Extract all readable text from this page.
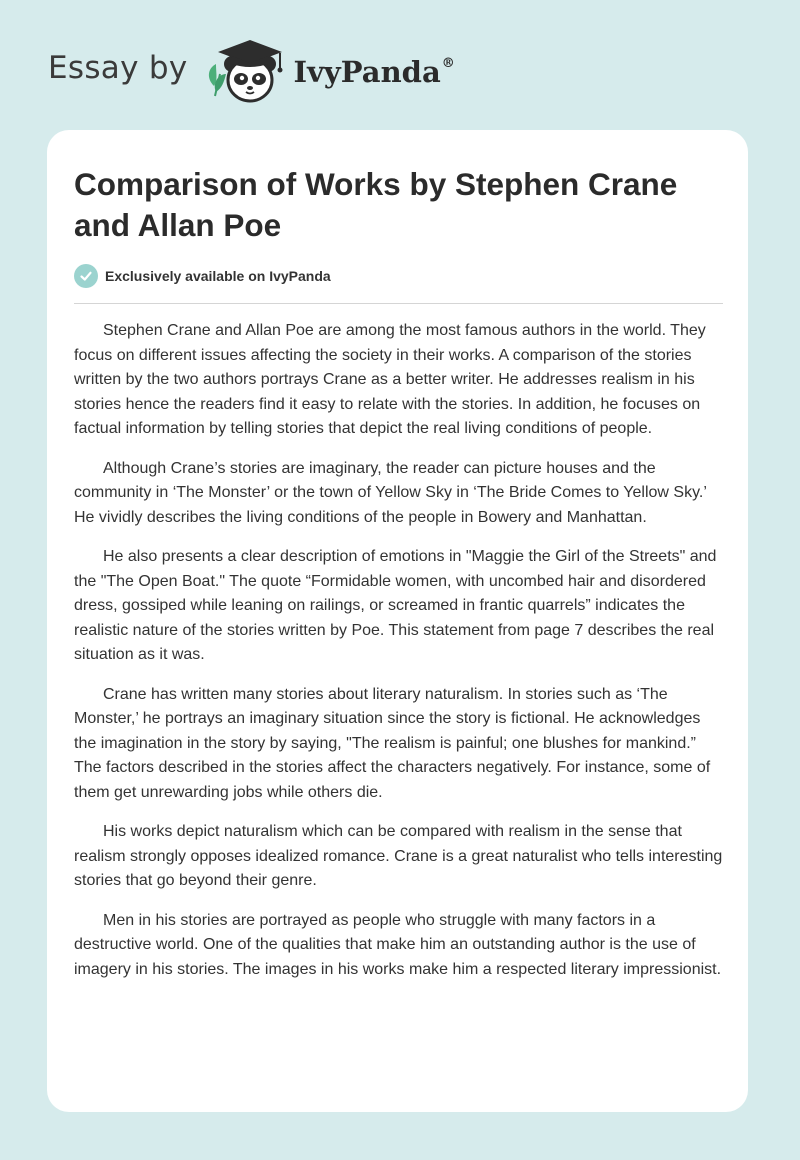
Essay by	IvyPanda®
Comparison of Works by Stephen Crane and Allan Poe
Exclusively available on IvyPanda

Stephen Crane and Allan Poe are among the most famous authors in the world. They focus on different issues affecting the society in their works. A comparison of the stories written by the two authors portrays Crane as a better writer. He addresses realism in his stories hence the readers find it easy to relate with the stories. In addition, he focuses on factual information by telling stories that depict the real living conditions of people.

Although Crane’s stories are imaginary, the reader can picture houses and the community in ‘The Monster’ or the town of Yellow Sky in ‘The Bride Comes to Yellow Sky.’ He vividly describes the living conditions of the people in Bowery and Manhattan.

He also presents a clear description of emotions in "Maggie the Girl of the Streets" and the "The Open Boat." The quote “Formidable women, with uncombed hair and disordered dress, gossiped while leaning on railings, or screamed in frantic quarrels” indicates the realistic nature of the stories written by Poe. This statement from page 7 describes the real situation as it was.

Crane has written many stories about literary naturalism. In stories such as ‘The Monster,’ he portrays an imaginary situation since the story is fictional. He acknowledges the imagination in the story by saying, "The realism is painful; one blushes for mankind.” The factors described in the stories affect the characters negatively. For instance, some of them get unrewarding jobs while others die.

His works depict naturalism which can be compared with realism in the sense that realism strongly opposes idealized romance. Crane is a great naturalist who tells interesting stories that go beyond their genre.

Men in his stories are portrayed as people who struggle with many factors in a destructive world. One of the qualities that make him an outstanding author is the use of imagery in his stories. The images in his works make him a respected literary impressionist.
